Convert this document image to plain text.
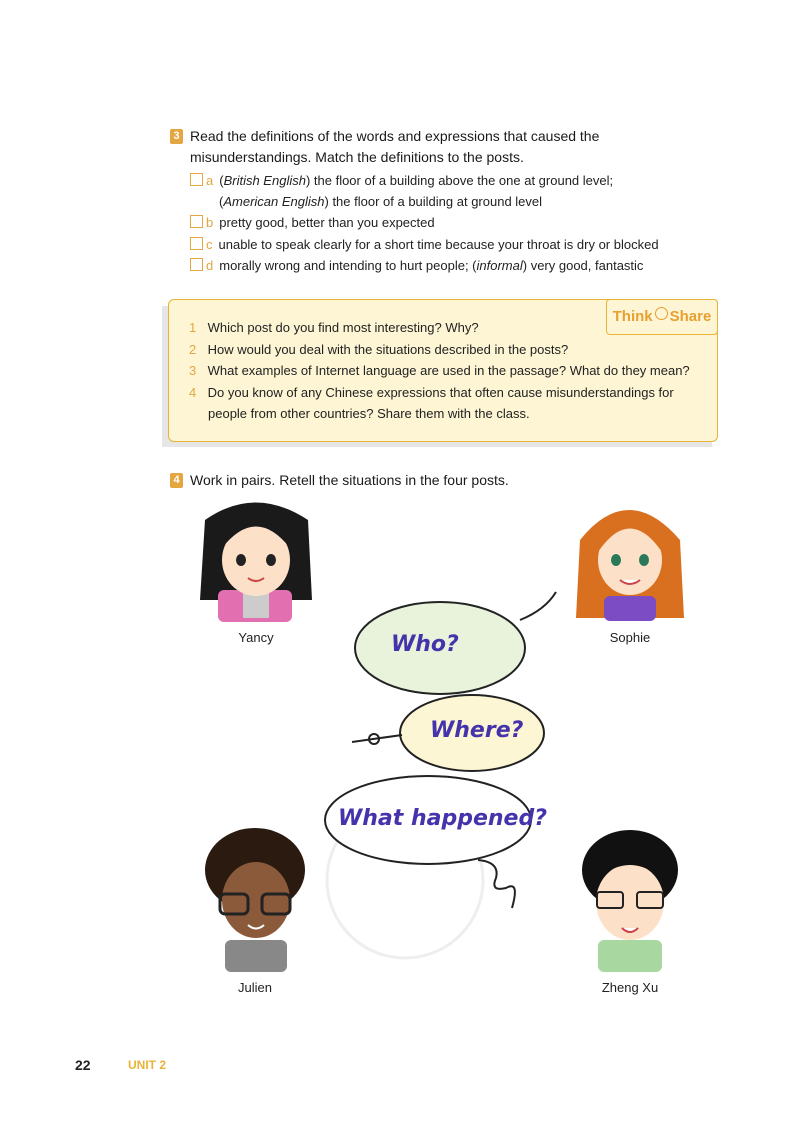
3 Read the definitions of the words and expressions that caused the
misunderstandings. Match the definitions to the posts.
a (British English) the floor of a building above the one at ground level;
(American English) the floor of a building at ground level
b pretty good, better than you expected
c unable to speak clearly for a short time because your throat is dry or blocked
d morally wrong and intending to hurt people; (informal) very good, fantastic
Think Share
1 Which post do you find most interesting? Why?
2 How would you deal with the situations described in the posts?
3 What examples of Internet language are used in the passage? What do they mean?
4 Do you know of any Chinese expressions that often cause misunderstandings for
people from other countries? Share them with the class.
4 Work in pairs. Retell the situations in the four posts.
Who?
Where?
What happened?
Yancy	Sophie
Julien	Zheng Xu
22	UNIT 2
